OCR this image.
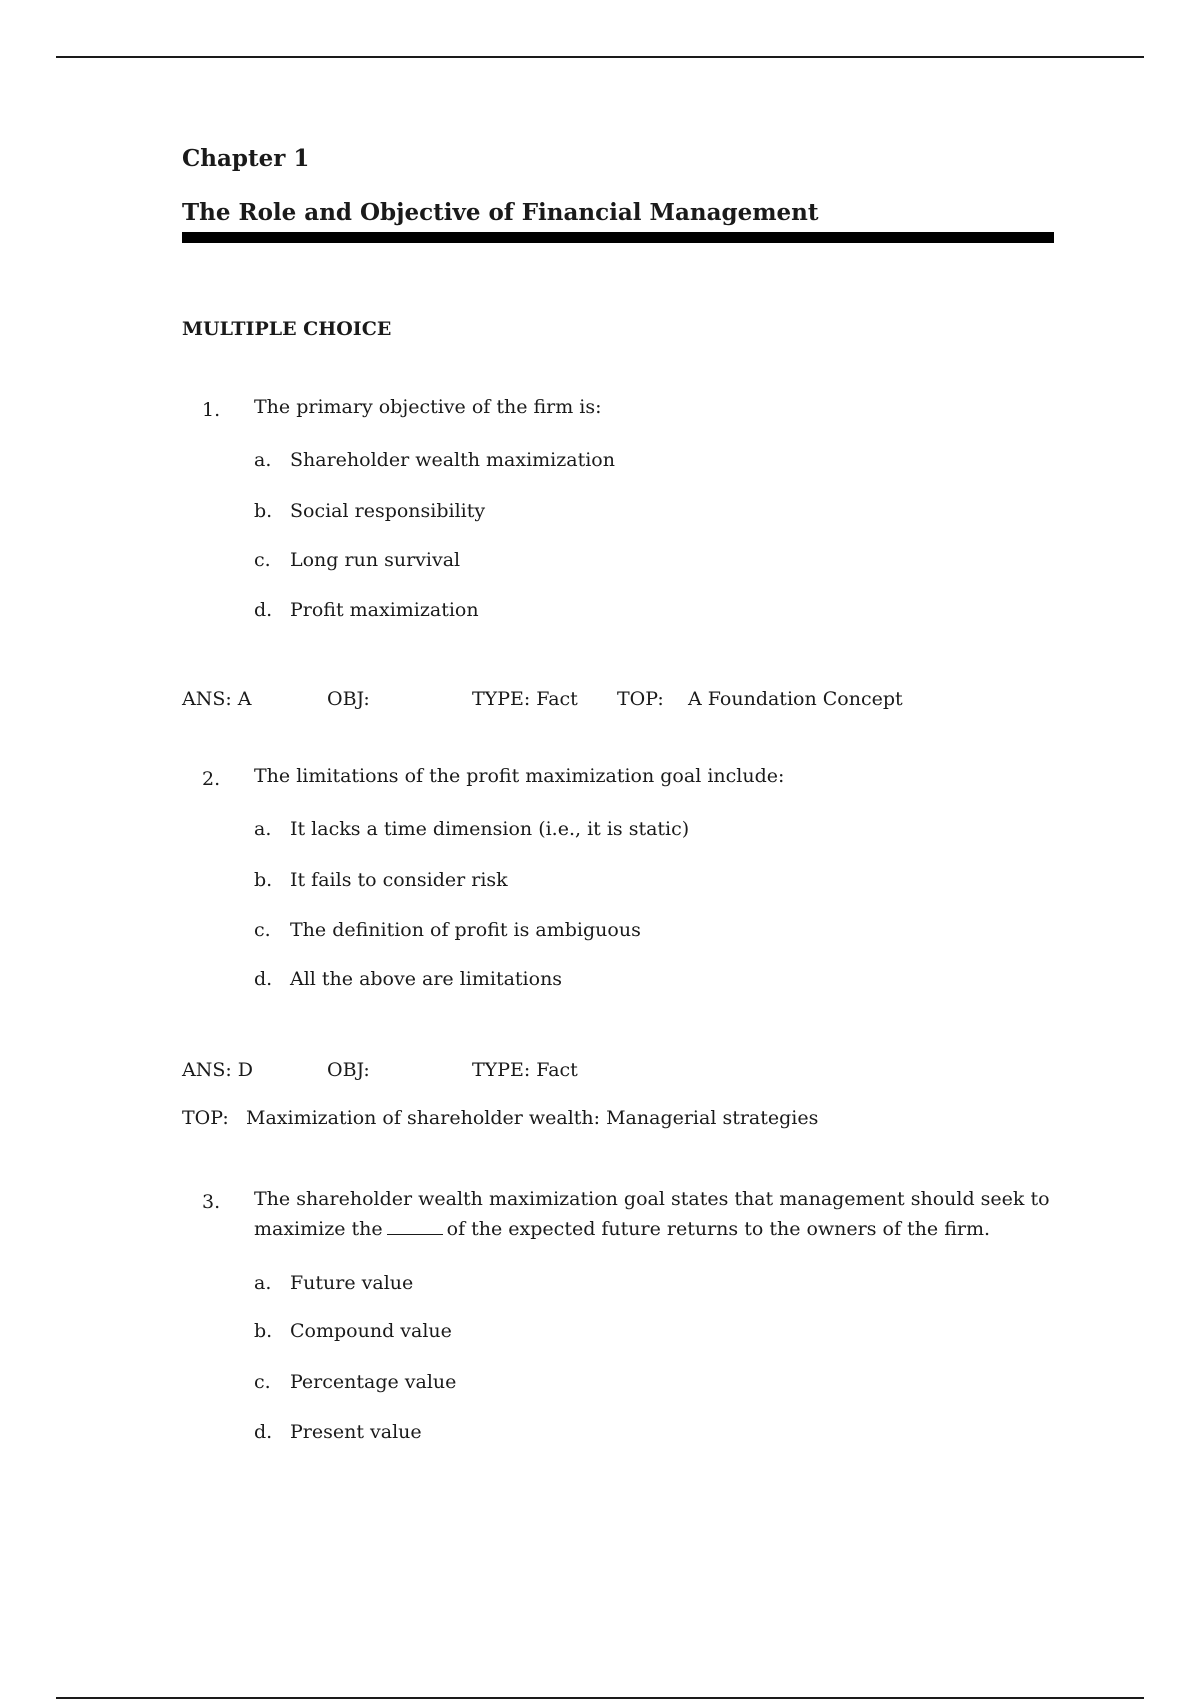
Chapter 1
The Role and Objective of Financial Management
MULTIPLE CHOICE
1. The primary objective of the firm is:
a. Shareholder wealth maximization
b. Social responsibility
c. Long run survival
d. Profit maximization
ANS: A	OBJ:	TYPE: Fact TOP: A Foundation Concept
2. The limitations of the profit maximization goal include:
a. It lacks a time dimension (i.e., it is static)
b. It fails to consider risk
c. The definition of profit is ambiguous
d. All the above are limitations
ANS: D	OBJ:	TYPE: Fact
TOP: Maximization of shareholder wealth: Managerial strategies
3. The shareholder wealth maximization goal states that management should seek to
maximize the	of the expected future returns to the owners of the firm.
a. Future value
b. Compound value
c. Percentage value
d. Present value
